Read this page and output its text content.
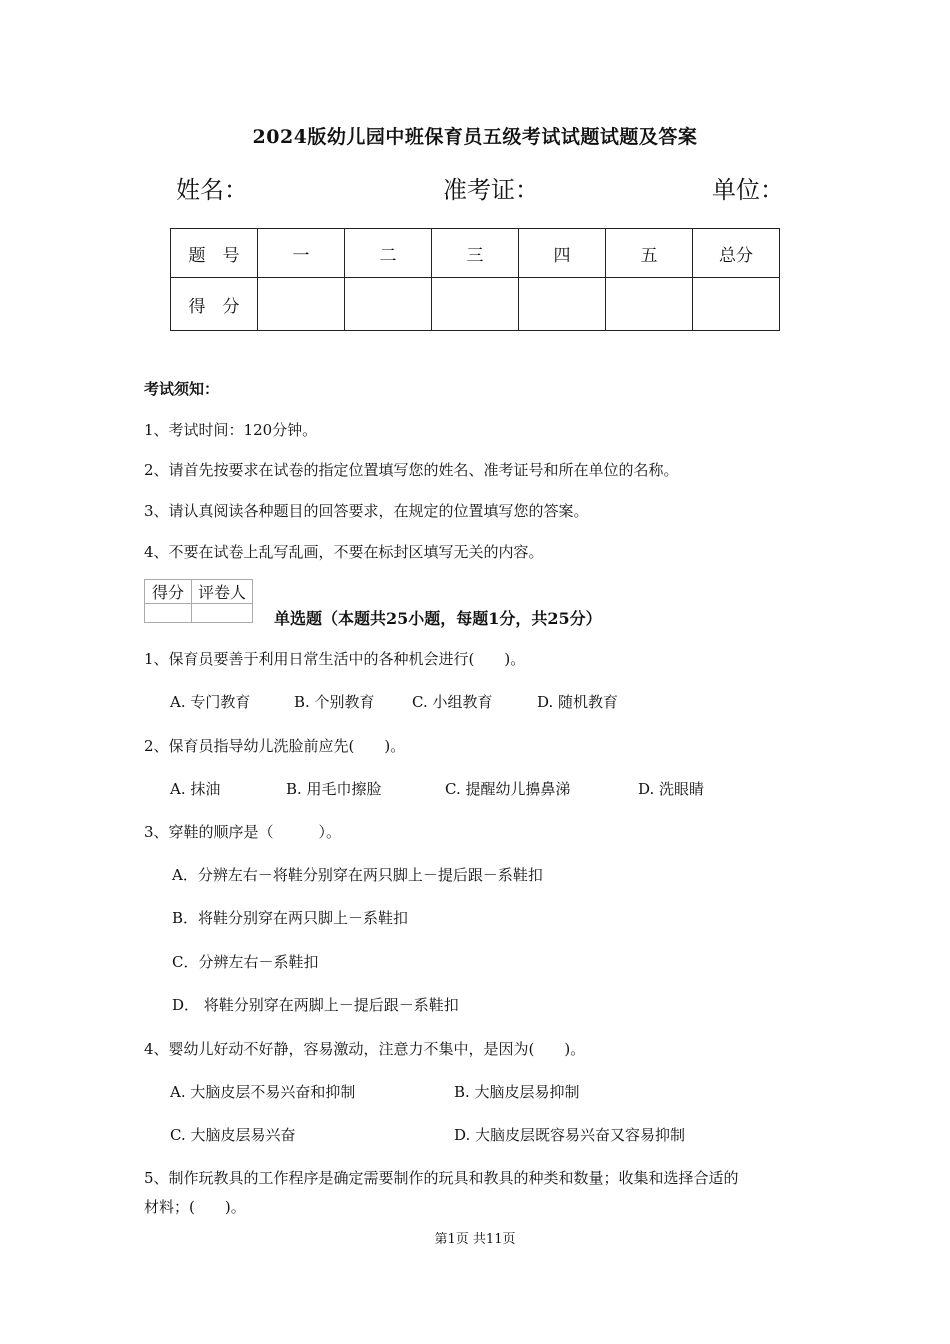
2024版幼儿园中班保育员五级考试试题试题及答案
姓名：	准考证：	单位：
题　号	一	二	三	四	五	总分
得　分						
考试须知：
1、考试时间：120分钟。
2、请首先按要求在试卷的指定位置填写您的姓名、准考证号和所在单位的名称。
3、请认真阅读各种题目的回答要求，在规定的位置填写您的答案。
4、不要在试卷上乱写乱画，不要在标封区填写无关的内容。
得分	评卷人

单选题（本题共25小题，每题1分，共25分）
1、保育员要善于利用日常生活中的各种机会进行(　　)。
A. 专门教育	B. 个别教育 C. 小组教育	D. 随机教育
2、保育员指导幼儿洗脸前应先(　　)。
A. 抹油	B. 用毛巾擦脸	C. 提醒幼儿擤鼻涕	D. 洗眼睛
3、穿鞋的顺序是（　　　）。
A．分辨左右－将鞋分别穿在两只脚上－提后跟－系鞋扣
B．将鞋分别穿在两只脚上－系鞋扣
C．分辨左右－系鞋扣
D． 将鞋分别穿在两脚上－提后跟－系鞋扣
4、婴幼儿好动不好静，容易激动，注意力不集中，是因为(　　)。
A. 大脑皮层不易兴奋和抑制	B. 大脑皮层易抑制
C. 大脑皮层易兴奋	D. 大脑皮层既容易兴奋又容易抑制
5、制作玩教具的工作程序是确定需要制作的玩具和教具的种类和数量；收集和选择合适的
材料；(　　)。
第1页 共11页
